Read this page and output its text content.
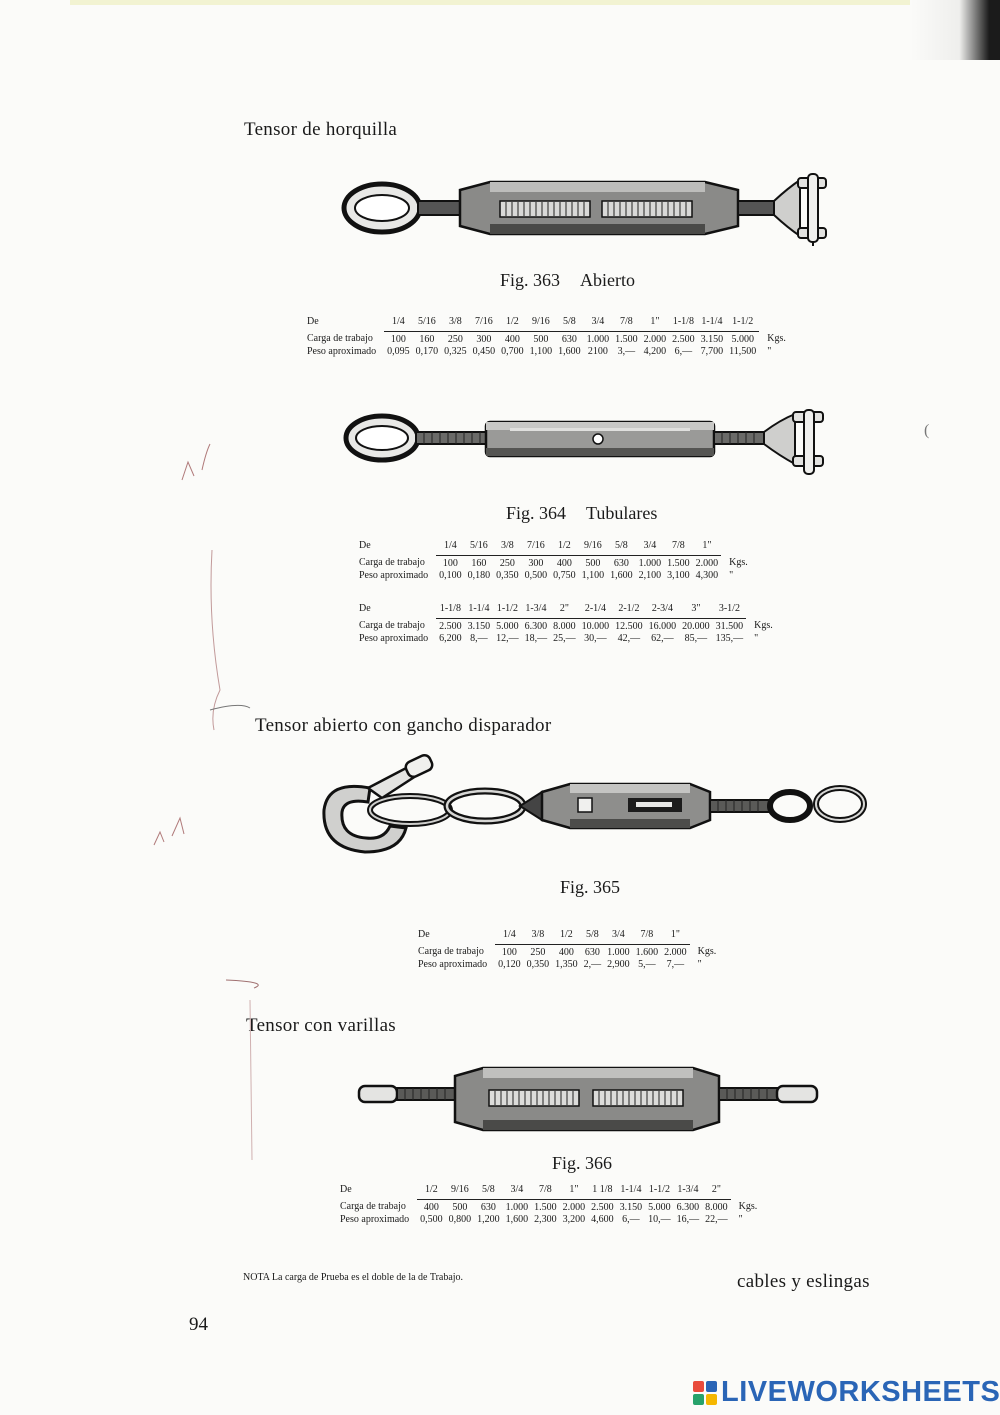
Tensor de horquilla
Fig. 363 Abierto
De	1/4	5/16	3/8	7/16	1/2	9/16	5/8	3/4	7/8	1"	1-1/8	1-1/4	1-1/2	
Carga de trabajo	100	160	250	300	400	500	630	1.000	1.500	2.000	2.500	3.150	5.000	Kgs.
Peso aproximado	0,095	0,170	0,325	0,450	0,700	1,100	1,600	2100	3,—	4,200	6,—	7,700	11,500	"
Fig. 364 Tubulares
De	1/4	5/16	3/8	7/16	1/2	9/16	5/8	3/4	7/8	1"	
Carga de trabajo	100	160	250	300	400	500	630	1.000	1.500	2.000	Kgs.
Peso aproximado	0,100	0,180	0,350	0,500	0,750	1,100	1,600	2,100	3,100	4,300	"
De	1-1/8	1-1/4	1-1/2	1-3/4	2"	2-1/4	2-1/2	2-3/4	3"	3-1/2	
Carga de trabajo	2.500	3.150	5.000	6.300	8.000	10.000	12.500	16.000	20.000	31.500	Kgs.
Peso aproximado	6,200	8,—	12,—	18,—	25,—	30,—	42,—	62,—	85,—	135,—	"
Tensor abierto con gancho disparador
Fig. 365
De	1/4	3/8	1/2	5/8	3/4	7/8	1"	
Carga de trabajo	100	250	400	630	1.000	1.600	2.000	Kgs.
Peso aproximado	0,120	0,350	1,350	2,—	2,900	5,—	7,—	"
Tensor con varillas
Fig. 366
De	1/2	9/16	5/8	3/4	7/8	1"	1 1/8	1-1/4	1-1/2	1-3/4	2"	
Carga de trabajo	400	500	630	1.000	1.500	2.000	2.500	3.150	5.000	6.300	8.000	Kgs.
Peso aproximado	0,500	0,800	1,200	1,600	2,300	3,200	4,600	6,—	10,—	16,—	22,—	"
NOTA La carga de Prueba es el doble de la de Trabajo.	cables y eslingas
94
(
LIVEWORKSHEETS
